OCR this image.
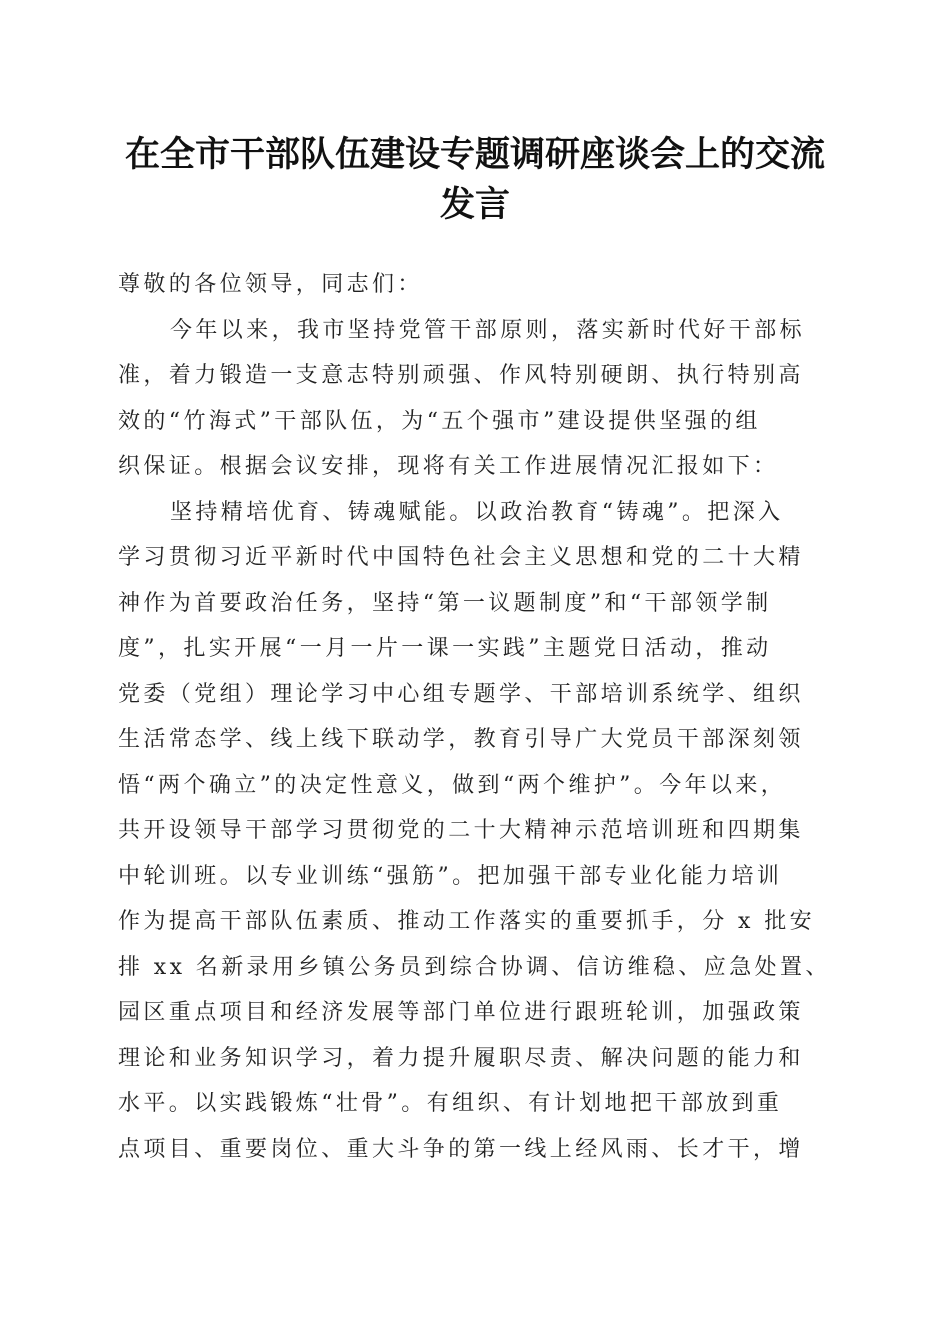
在全市干部队伍建设专题调研座谈会上的交流
发言
尊敬的各位领导，同志们：
今年以来，我市坚持党管干部原则，落实新时代好干部标
准，着力锻造一支意志特别顽强、作风特别硬朗、执行特别高
效的“竹海式”干部队伍，为“五个强市”建设提供坚强的组
织保证。根据会议安排，现将有关工作进展情况汇报如下：
坚持精培优育、铸魂赋能。以政治教育“铸魂”。把深入
学习贯彻习近平新时代中国特色社会主义思想和党的二十大精
神作为首要政治任务，坚持“第一议题制度”和“干部领学制
度”，扎实开展“一月一片一课一实践”主题党日活动，推动
党委（党组）理论学习中心组专题学、干部培训系统学、组织
生活常态学、线上线下联动学，教育引导广大党员干部深刻领
悟“两个确立”的决定性意义，做到“两个维护”。今年以来，
共开设领导干部学习贯彻党的二十大精神示范培训班和四期集
中轮训班。以专业训练“强筋”。把加强干部专业化能力培训
作为提高干部队伍素质、推动工作落实的重要抓手，分 x 批安
排 xx 名新录用乡镇公务员到综合协调、信访维稳、应急处置、
园区重点项目和经济发展等部门单位进行跟班轮训，加强政策
理论和业务知识学习，着力提升履职尽责、解决问题的能力和
水平。以实践锻炼“壮骨”。有组织、有计划地把干部放到重
点项目、重要岗位、重大斗争的第一线上经风雨、长才干，增
